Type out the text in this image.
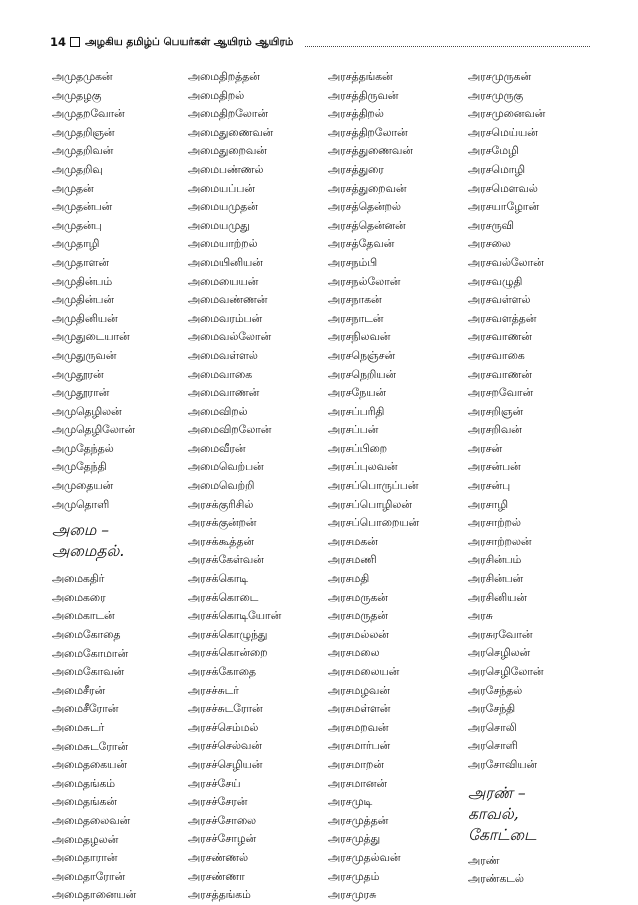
14 அழகிய தமிழ்ப் பெயர்கள் ஆயிரம் ஆயிரம்
அமுதமுகன்
அமுதழகு
அமுதறவோன்
அமுதறிஞன்
அமுதறிவன்
அமுதறிவு
அமுதன்
அமுதன்பன்
அமுதன்பு
அமுதாழி
அமுதாளன்
அமுதின்பம்
அமுதின்பன்
அமுதினியன்
அமுதுடையான்
அமுதுருவன்
அமுதூரன்
அமுதூரான்
அமுதெழிலன்
அமுதெழிலோன்
அமுதேந்தல்
அமுதேந்தி
அமுதையன்
அமுதொளி
அமை –
அமைதல்.
அமைகதிர்
அமைகரை
அமைகாடன்
அமைகோதை
அமைகோமான்
அமைகோவன்
அமைசீரன்
அமைசீரோன்
அமைசுடர்
அமைசுடரோன்
அமைதகையன்
அமைதங்கம்
அமைதங்கன்
அமைதலைவன்
அமைதழலன்
அமைதாரான்
அமைதாரோன்
அமைதானையன்
அமைதிறத்தன்
அமைதிறல்
அமைதிறலோன்
அமைதுணைவன்
அமைதுறைவன்
அமைபண்ணல்
அமையப்பன்
அமையமுதன்
அமையமுது
அமையாற்றல்
அமையினியன்
அமையையன்
அமைவண்ணன்
அமைவரம்பன்
அமைவல்லோன்
அமைவள்ளல்
அமைவாகை
அமைவாணன்
அமைவிறல்
அமைவிறலோன்
அமைவீரன்
அமைவெற்பன்
அமைவெற்றி
அரசக்குரிசில்
அரசக்குன்றன்
அரசக்கூத்தன்
அரசக்கேள்வன்
அரசக்கொடி
அரசக்கொடை
அரசக்கொடியோன்
அரசக்கொழுந்து
அரசக்கொன்றை
அரசக்கோதை
அரசச்சுடர்
அரசச்சுடரோன்
அரசச்செம்மல்
அரசச்செல்வன்
அரசச்செழியன்
அரசச்சேய்
அரசச்சேரன்
அரசச்சோலை
அரசச்சோழன்
அரசண்ணல்
அரசண்ணா
அரசத்தங்கம்
அரசத்தங்கன்
அரசத்திருவன்
அரசத்திறல்
அரசத்திறலோன்
அரசத்துணைவன்
அரசத்துரை
அரசத்துறைவன்
அரசத்தென்றல்
அரசத்தென்னன்
அரசத்தேவன்
அரசநம்பி
அரசநல்லோன்
அரசநாகன்
அரசநாடன்
அரசநிலவன்
அரசநெஞ்சன்
அரசநெறியன்
அரசநேயன்
அரசப்பரிதி
அரசப்பன்
அரசப்பிறை
அரசப்புலவன்
அரசப்பொருப்பன்
அரசப்பொழிலன்
அரசப்பொறையன்
அரசமகன்
அரசமணி
அரசமதி
அரசமருகன்
அரசமருதன்
அரசமல்லன்
அரசமலை
அரசமலையன்
அரசமழவன்
அரசமள்ளன்
அரசமறவன்
அரசமார்பன்
அரசமாறன்
அரசமானன்
அரசமுடி
அரசமுத்தன்
அரசமுத்து
அரசமுதல்வன்
அரசமுதம்
அரசமுரசு
அரசமுருகன்
அரசமுருகு
அரசமுனைவன்
அரசமெய்யன்
அரசமேழி
அரசமொழி
அரசமௌவல்
அரசயாழோன்
அரசருவி
அரசலை
அரசவல்லோன்
அரசவழுதி
அரசவள்ளல்
அரசவளத்தன்
அரசவாணன்
அரசவாகை
அரசவாணன்
அரசறவோன்
அரசறிஞன்
அரசறிவன்
அரசன்
அரசன்பன்
அரசன்பு
அரசாழி
அரசாற்றல்
அரசாற்றலன்
அரசின்பம்
அரசின்பன்
அரசினியன்
அரசு
அரசுரவோன்
அரசெழிலன்
அரசெழிலோன்
அரசேந்தல்
அரசேந்தி
அரசொலி
அரசொளி
அரசோவியன்
அரண் –
காவல்,
கோட்டை
அரண்
அரண்கடல்
